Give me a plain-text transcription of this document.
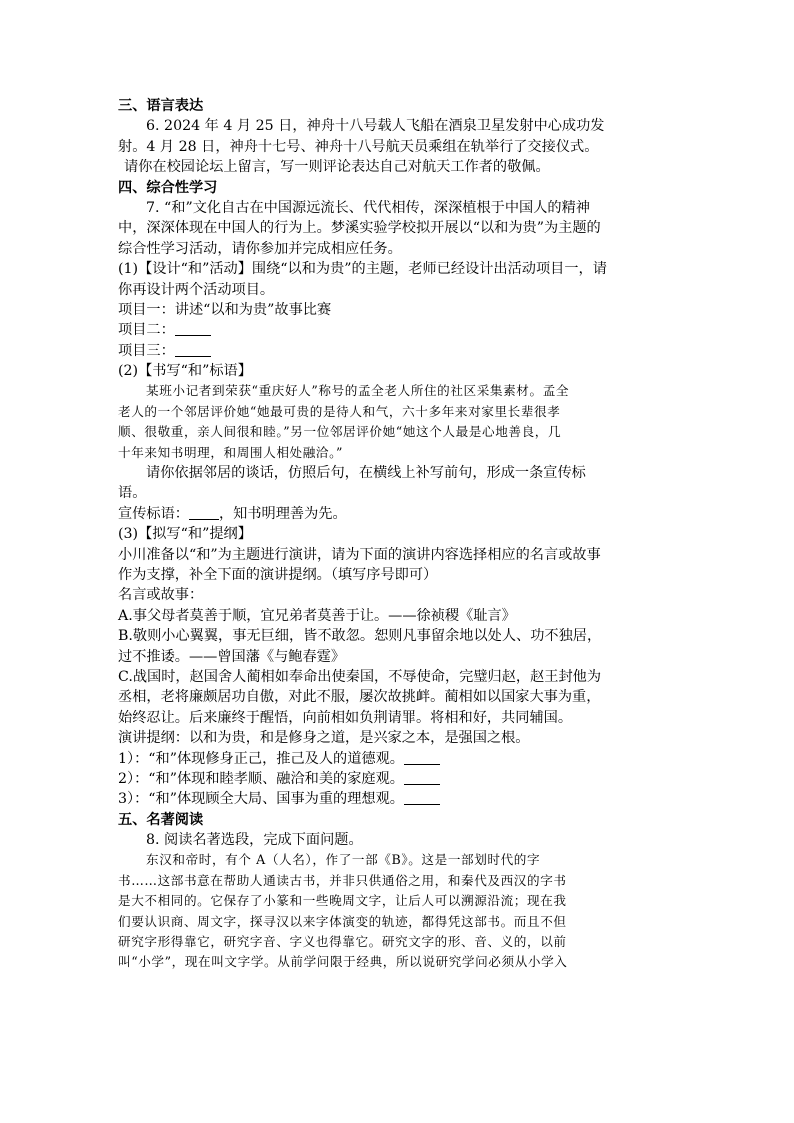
三、语言表达
6. 2024 年 4 月 25 日，神舟十八号载人飞船在酒泉卫星发射中心成功发
射。4 月 28 日，神舟十七号、神舟十八号航天员乘组在轨举行了交接仪式。
请你在校园论坛上留言，写一则评论表达自己对航天工作者的敬佩。
四、综合性学习
7. “和”文化自古在中国源远流长、代代相传，深深植根于中国人的精神
中，深深体现在中国人的行为上。梦溪实验学校拟开展以“以和为贵”为主题的
综合性学习活动，请你参加并完成相应任务。
(1)【设计“和”活动】围绕“以和为贵”的主题，老师已经设计出活动项目一，请
你再设计两个活动项目。
项目一：讲述“以和为贵”故事比赛
项目二：
项目三：
(2)【书写“和”标语】
某班小记者到荣获“重庆好人”称号的孟全老人所住的社区采集素材。孟全
老人的一个邻居评价她“她最可贵的是待人和气，六十多年来对家里长辈很孝
顺、很敬重，亲人间很和睦。”另一位邻居评价她“她这个人最是心地善良，几
十年来知书明理，和周围人相处融洽。”
请你依据邻居的谈话，仿照后句，在横线上补写前句，形成一条宣传标
语。
宣传标语： ，知书明理善为先。
(3)【拟写“和”提纲】
小川准备以“和”为主题进行演讲，请为下面的演讲内容选择相应的名言或故事
作为支撑，补全下面的演讲提纲。（填写序号即可）
名言或故事：
A.事父母者莫善于顺，宜兄弟者莫善于让。——徐祯稷《耻言》
B.敬则小心翼翼，事无巨细，皆不敢忽。恕则凡事留余地以处人、功不独居，
过不推诿。——曾国藩《与鲍春霆》
C.战国时，赵国舍人蔺相如奉命出使秦国，不辱使命，完璧归赵，赵王封他为
丞相，老将廉颇居功自傲，对此不服，屡次故挑衅。蔺相如以国家大事为重，
始终忍让。后来廉终于醒悟，向前相如负荆请罪。将相和好，共同辅国。
演讲提纲：以和为贵，和是修身之道，是兴家之本，是强国之根。
1）：“和”体现修身正己，推己及人的道德观。
2）：“和”体现和睦孝顺、融洽和美的家庭观。
3）：“和”体现顾全大局、国事为重的理想观。
五、名著阅读
8. 阅读名著选段，完成下面问题。
东汉和帝时，有个 A（人名），作了一部《B》。这是一部划时代的字
书……这部书意在帮助人通读古书，并非只供通俗之用，和秦代及西汉的字书
是大不相同的。它保存了小篆和一些晚周文字，让后人可以溯源沿流；现在我
们要认识商、周文字，探寻汉以来字体演变的轨迹，都得凭这部书。而且不但
研究字形得靠它，研究字音、字义也得靠它。研究文字的形、音、义的，以前
叫“小学”，现在叫文字学。从前学问限于经典，所以说研究学问必须从小学入
